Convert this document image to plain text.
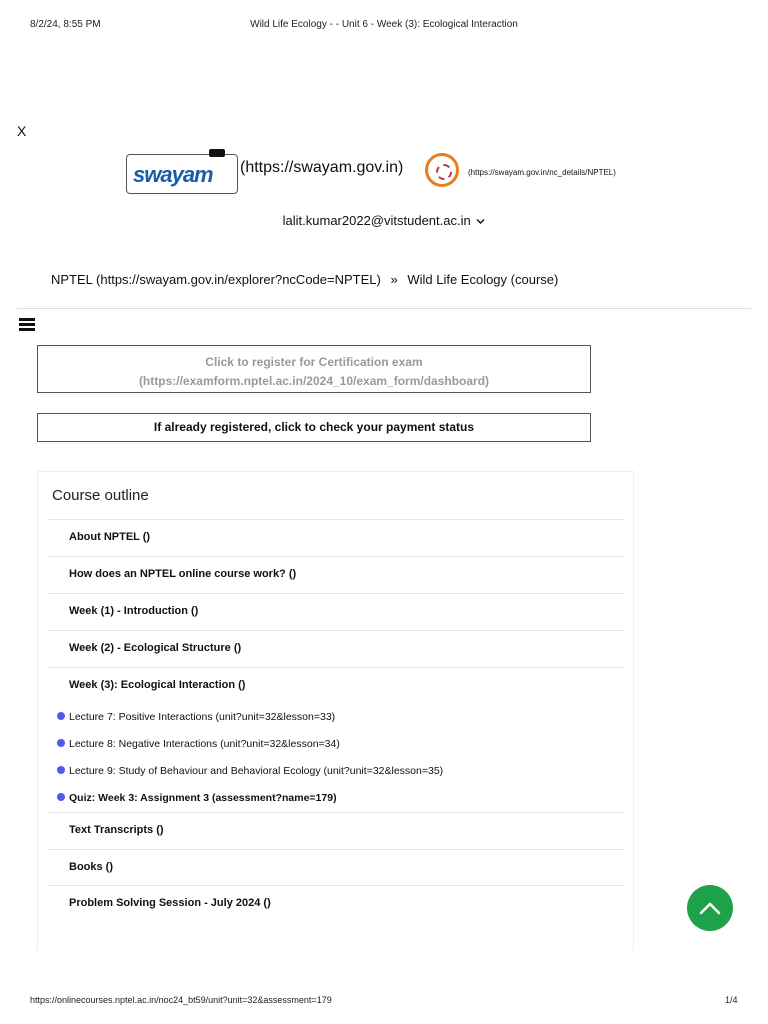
8/2/24, 8:55 PM	Wild Life Ecology - - Unit 6 - Week (3): Ecological Interaction
X
swayam (https://swayam.gov.in)	(https://swayam.gov.in/nc_details/NPTEL)
lalit.kumar2022@vitstudent.ac.in
NPTEL (https://swayam.gov.in/explorer?ncCode=NPTEL) » Wild Life Ecology (course)
Click to register for Certification exam
(https://examform.nptel.ac.in/2024_10/exam_form/dashboard)
If already registered, click to check your payment status
Course outline
About NPTEL ()
How does an NPTEL online course work? ()
Week (1) - Introduction ()
Week (2) - Ecological Structure ()
Week (3): Ecological Interaction ()
Lecture 7: Positive Interactions (unit?unit=32&lesson=33)
Lecture 8: Negative Interactions (unit?unit=32&lesson=34)
Lecture 9: Study of Behaviour and Behavioral Ecology (unit?unit=32&lesson=35)
Quiz: Week 3: Assignment 3 (assessment?name=179)
Text Transcripts ()
Books ()
Problem Solving Session - July 2024 ()
https://onlinecourses.nptel.ac.in/noc24_bt59/unit?unit=32&assessment=179	1/4
